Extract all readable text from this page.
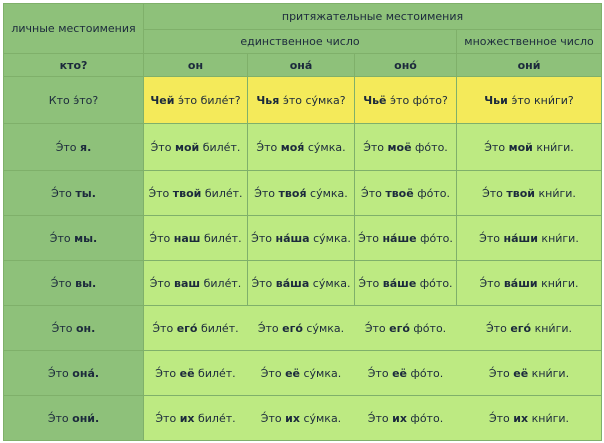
личные местоимения	притяжательные местоимения			
	единственное число			множественное число
кто?	он	она́	оно́	они́
Кто э́то?	Чей э́то биле́т?	Чья э́то су́мка?	Чьё э́то фо́то?	Чьи э́то кни́ги?
Э́то я.	Э́то мой биле́т.	Э́то моя́ су́мка.	Э́то моё фо́то.	Э́то мой кни́ги.
Э́то ты.	Э́то твой биле́т.	Э́то твоя́ су́мка.	Э́то твоё фо́то.	Э́то твой кни́ги.
Э́то мы.	Э́то наш биле́т.	Э́то на́ша су́мка.	Э́то на́ше фо́то.	Э́то на́ши кни́ги.
Э́то вы.	Э́то ваш биле́т.	Э́то ва́ша су́мка.	Э́то ва́ше фо́то.	Э́то ва́ши кни́ги.
Э́то он.	Э́то его́ биле́т.	Э́то его́ су́мка.	Э́то его́ фо́то.	Э́то его́ кни́ги.
Э́то она́.	Э́то её биле́т.	Э́то её су́мка.	Э́то её фо́то.	Э́то её кни́ги.
Э́то они́.	Э́то их биле́т.	Э́то их су́мка.	Э́то их фо́то.	Э́то их кни́ги.
